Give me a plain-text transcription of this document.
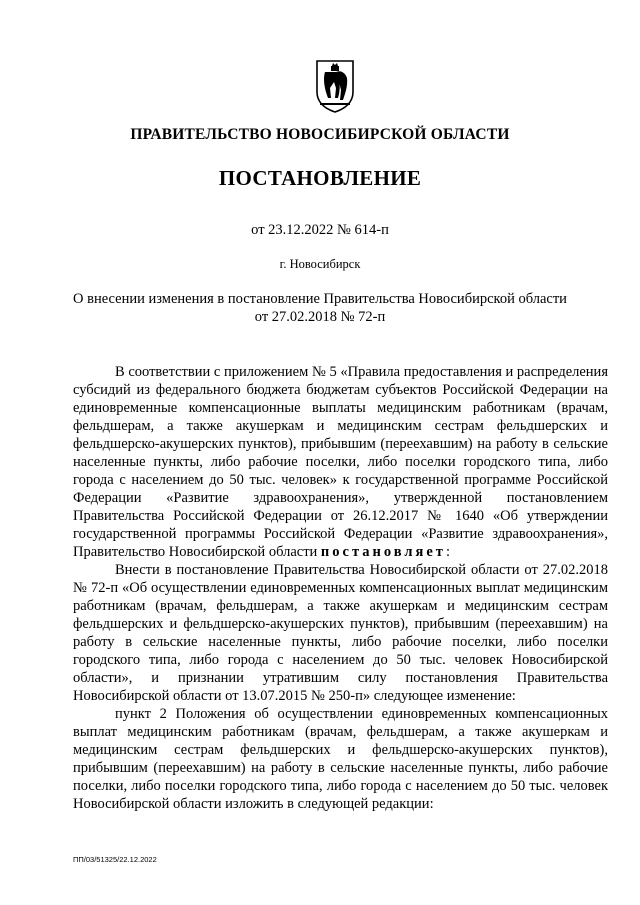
ПРАВИТЕЛЬСТВО НОВОСИБИРСКОЙ ОБЛАСТИ
ПОСТАНОВЛЕНИЕ
от 23.12.2022 № 614-п
г. Новосибирск
О внесении изменения в постановление Правительства Новосибирской области
от 27.02.2018 № 72-п

В соответствии с приложением № 5 «Правила предоставления и распределения субсидий из федерального бюджета бюджетам субъектов Российской Федерации на единовременные компенсационные выплаты медицинским работникам (врачам, фельдшерам, а также акушеркам и медицинским сестрам фельдшерских и фельдшерско-акушерских пунктов), прибывшим (переехавшим) на работу в сельские населенные пункты, либо рабочие поселки, либо поселки городского типа, либо города с населением до 50 тыс. человек» к государственной программе Российской Федерации «Развитие здравоохранения», утвержденной постановлением Правительства Российской Федерации от 26.12.2017 № 1640 «Об утверждении государственной программы Российской Федерации «Развитие здравоохранения», Правительство Новосибирской области постановляет:

Внести в постановление Правительства Новосибирской области от 27.02.2018 № 72-п «Об осуществлении единовременных компенсационных выплат медицинским работникам (врачам, фельдшерам, а также акушеркам и медицинским сестрам фельдшерских и фельдшерско-акушерских пунктов), прибывшим (переехавшим) на работу в сельские населенные пункты, либо рабочие поселки, либо поселки городского типа, либо города с населением до 50 тыс. человек Новосибирской области», и признании утратившим силу постановления Правительства Новосибирской области от 13.07.2015 № 250-п» следующее изменение:

пункт 2 Положения об осуществлении единовременных компенсационных выплат медицинским работникам (врачам, фельдшерам, а также акушеркам и медицинским сестрам фельдшерских и фельдшерско-акушерских пунктов), прибывшим (переехавшим) на работу в сельские населенные пункты, либо рабочие поселки, либо поселки городского типа, либо города с населением до 50 тыс. человек Новосибирской области изложить в следующей редакции:

ПП/03/51325/22.12.2022
